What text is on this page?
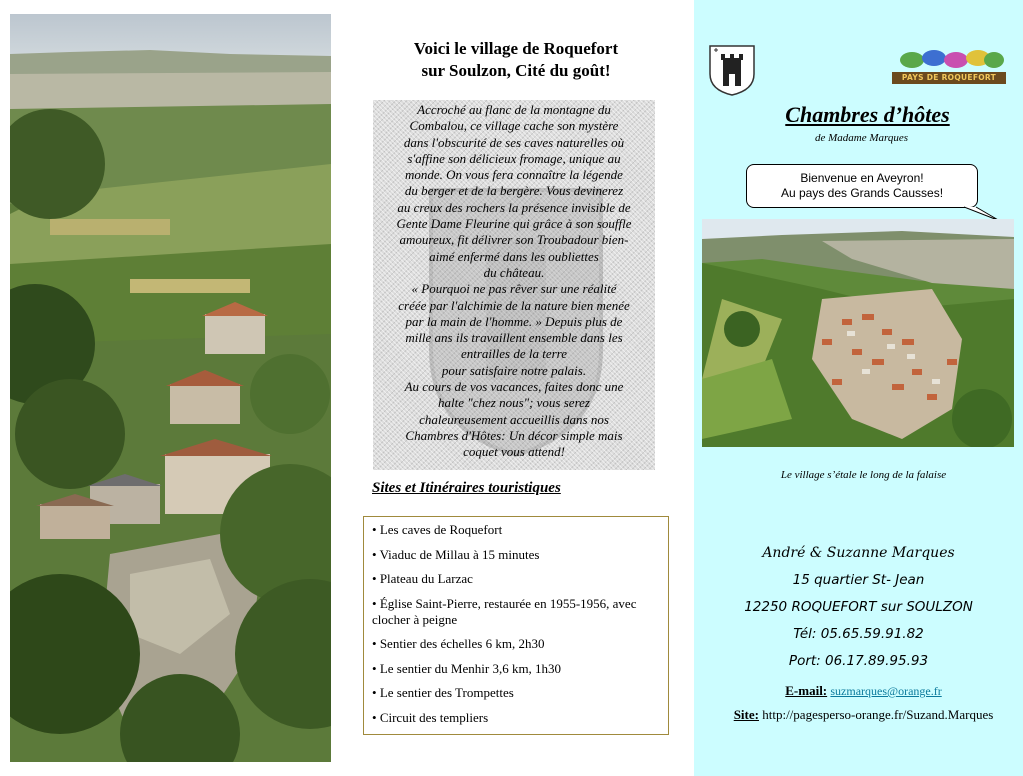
Voici le village de Roquefort
sur Soulzon, Cité du goût!
Accroché au flanc de la montagne du
Combalou, ce village cache son mystère
dans l'obscurité de ses caves naturelles où
s'affine son délicieux fromage, unique au
monde. On vous fera connaître la légende
du berger et de la bergère. Vous devinerez
au creux des rochers la présence invisible de
Gente Dame Fleurine qui grâce à son souffle
amoureux, fit délivrer son Troubadour bien-
aimé enfermé dans les oubliettes
du château.
« Pourquoi ne pas rêver sur une réalité
créée par l'alchimie de la nature bien menée
par la main de l'homme. » Depuis plus de
mille ans ils travaillent ensemble dans les
entrailles de la terre
pour satisfaire notre palais.
Au cours de vos vacances, faites donc une
halte "chez nous"; vous serez
chaleureusement accueillis dans nos
Chambres d'Hôtes: Un décor simple mais
coquet vous attend!
Sites et Itinéraires touristiques
• Les caves de Roquefort
• Viaduc de Millau à 15 minutes
• Plateau du Larzac
• Église Saint-Pierre, restaurée en 1955-1956, avec clocher à peigne
• Sentier des échelles 6 km, 2h30
• Le sentier du Menhir 3,6 km, 1h30
• Le sentier des Trompettes
• Circuit des templiers
PAYS DE ROQUEFORT
Chambres d’hôtes
de Madame Marques
Bienvenue en Aveyron!
Au pays des Grands Causses!
Le village s’étale le long de la falaise
André & Suzanne Marques
15 quartier St- Jean
12250 ROQUEFORT sur SOULZON
Tél: 05.65.59.91.82
Port: 06.17.89.95.93
E-mail: suzmarques@orange.fr
Site: http://pagesperso-orange.fr/Suzand.Marques
